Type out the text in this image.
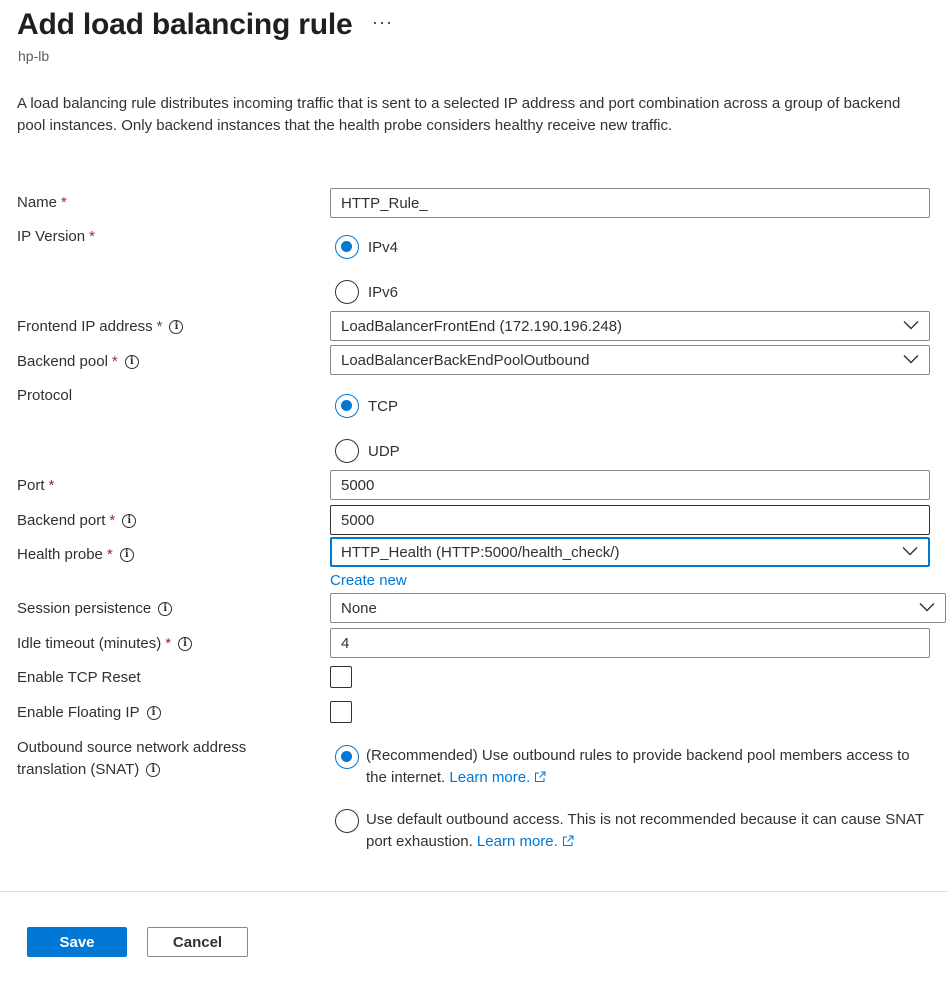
Add load balancing rule ···
hp-lb
A load balancing rule distributes incoming traffic that is sent to a selected IP address and port combination across a group of backend pool instances. Only backend instances that the health probe considers healthy receive new traffic.
Name *	HTTP_Rule_
IP Version *
IPv4
IPv6
Frontend IP address *	i	LoadBalancerFrontEnd (172.190.196.248)
Backend pool *	i	LoadBalancerBackEndPoolOutbound
Protocol
TCP
UDP
Port *	5000
Backend port *	i	5000
Health probe *	i	HTTP_Health (HTTP:5000/health_check/)
Create new
Session persistence	i	None
Idle timeout (minutes) *	i	4
Enable TCP Reset
Enable Floating IP	i
Outbound source network address
translation (SNAT)	i
(Recommended) Use outbound rules to provide backend pool members access to the internet. Learn more.
Use default outbound access. This is not recommended because it can cause SNAT port exhaustion. Learn more.
Save	Cancel
